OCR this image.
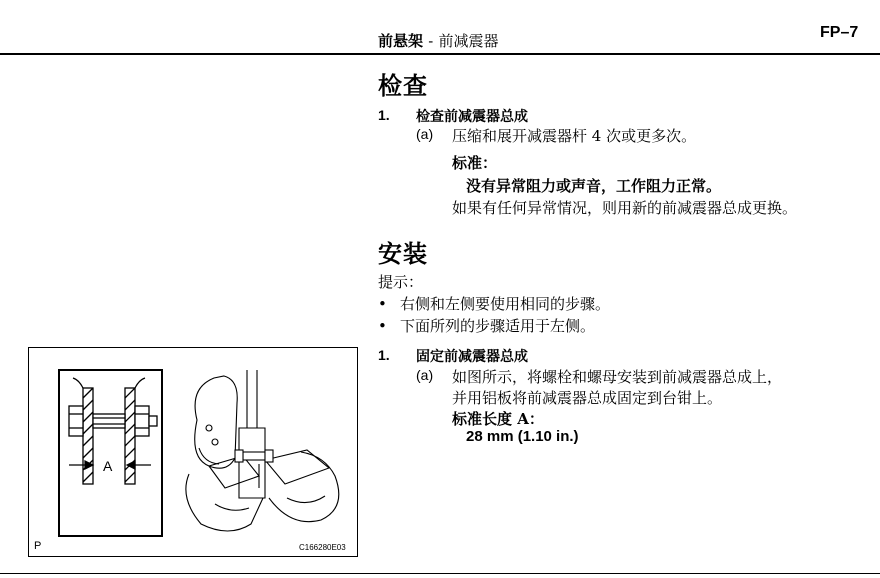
前悬架 - 前减震器	FP–7
检查
1. 检查前减震器总成
(a) 压缩和展开减震器杆 4 次或更多次。
标准：
没有异常阻力或声音，工作阻力正常。
如果有任何异常情况，则用新的前减震器总成更换。
安装
提示：
• 右侧和左侧要使用相同的步骤。
• 下面所列的步骤适用于左侧。
1. 固定前减震器总成
(a) 如图所示，将螺栓和螺母安装到前减震器总成上，
并用铝板将前减震器总成固定到台钳上。
标准长度 A：
28 mm (1.10 in.)
A
P	C166280E03
